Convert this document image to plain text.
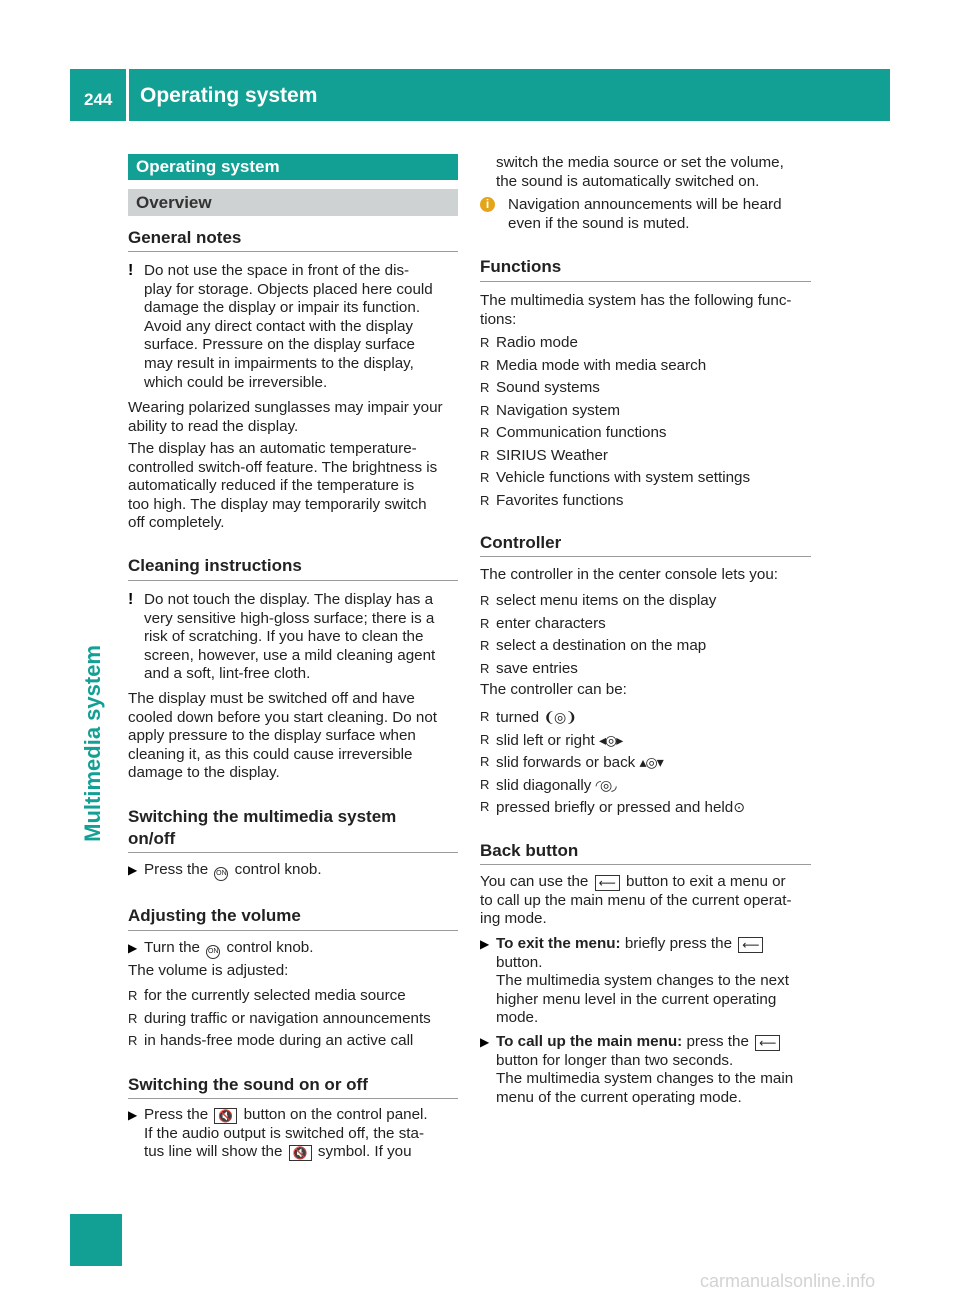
244 Operating system
Multimedia system
Operating system
Overview
General notes
! Do not use the space in front of the dis-
play for storage. Objects placed here could
damage the display or impair its function.
Avoid any direct contact with the display
surface. Pressure on the display surface
may result in impairments to the display,
which could be irreversible.
Wearing polarized sunglasses may impair your
ability to read the display.
The display has an automatic temperature-
controlled switch-off feature. The brightness is
automatically reduced if the temperature is
too high. The display may temporarily switch
off completely.
Cleaning instructions
! Do not touch the display. The display has a
very sensitive high-gloss surface; there is a
risk of scratching. If you have to clean the
screen, however, use a mild cleaning agent
and a soft, lint-free cloth.
The display must be switched off and have
cooled down before you start cleaning. Do not
apply pressure to the display surface when
cleaning it, as this could cause irreversible
damage to the display.
Switching the multimedia system
on/off
▶ Press the ON control knob.
Adjusting the volume
▶ Turn the ON control knob.
The volume is adjusted:
R for the currently selected media source
R during traffic or navigation announcements
R in hands-free mode during an active call
Switching the sound on or off
▶ Press the 🔇 button on the control panel.
If the audio output is switched off, the sta-
tus line will show the 🔇 symbol. If you
switch the media source or set the volume,
the sound is automatically switched on.
i	Navigation announcements will be heard
even if the sound is muted.
Functions
The multimedia system has the following func-
tions:
R Radio mode
R Media mode with media search
R Sound systems
R Navigation system
R Communication functions
R SIRIUS Weather
R Vehicle functions with system settings
R Favorites functions
Controller
The controller in the center console lets you:
R select menu items on the display
R enter characters
R select a destination on the map
R save entries
The controller can be:
R turned ❨◎❩
R slid left or right ◂◎▸
R slid forwards or back ▴◎▾
R slid diagonally ◜◎◞
R pressed briefly or pressed and held⊙
Back button
You can use the ⟵ button to exit a menu or
to call up the main menu of the current operat-
ing mode.
▶ To exit the menu: briefly press the ⟵
button.
The multimedia system changes to the next
higher menu level in the current operating
mode.
▶ To call up the main menu: press the ⟵
button for longer than two seconds.
The multimedia system changes to the main
menu of the current operating mode.
carmanualsonline.info
